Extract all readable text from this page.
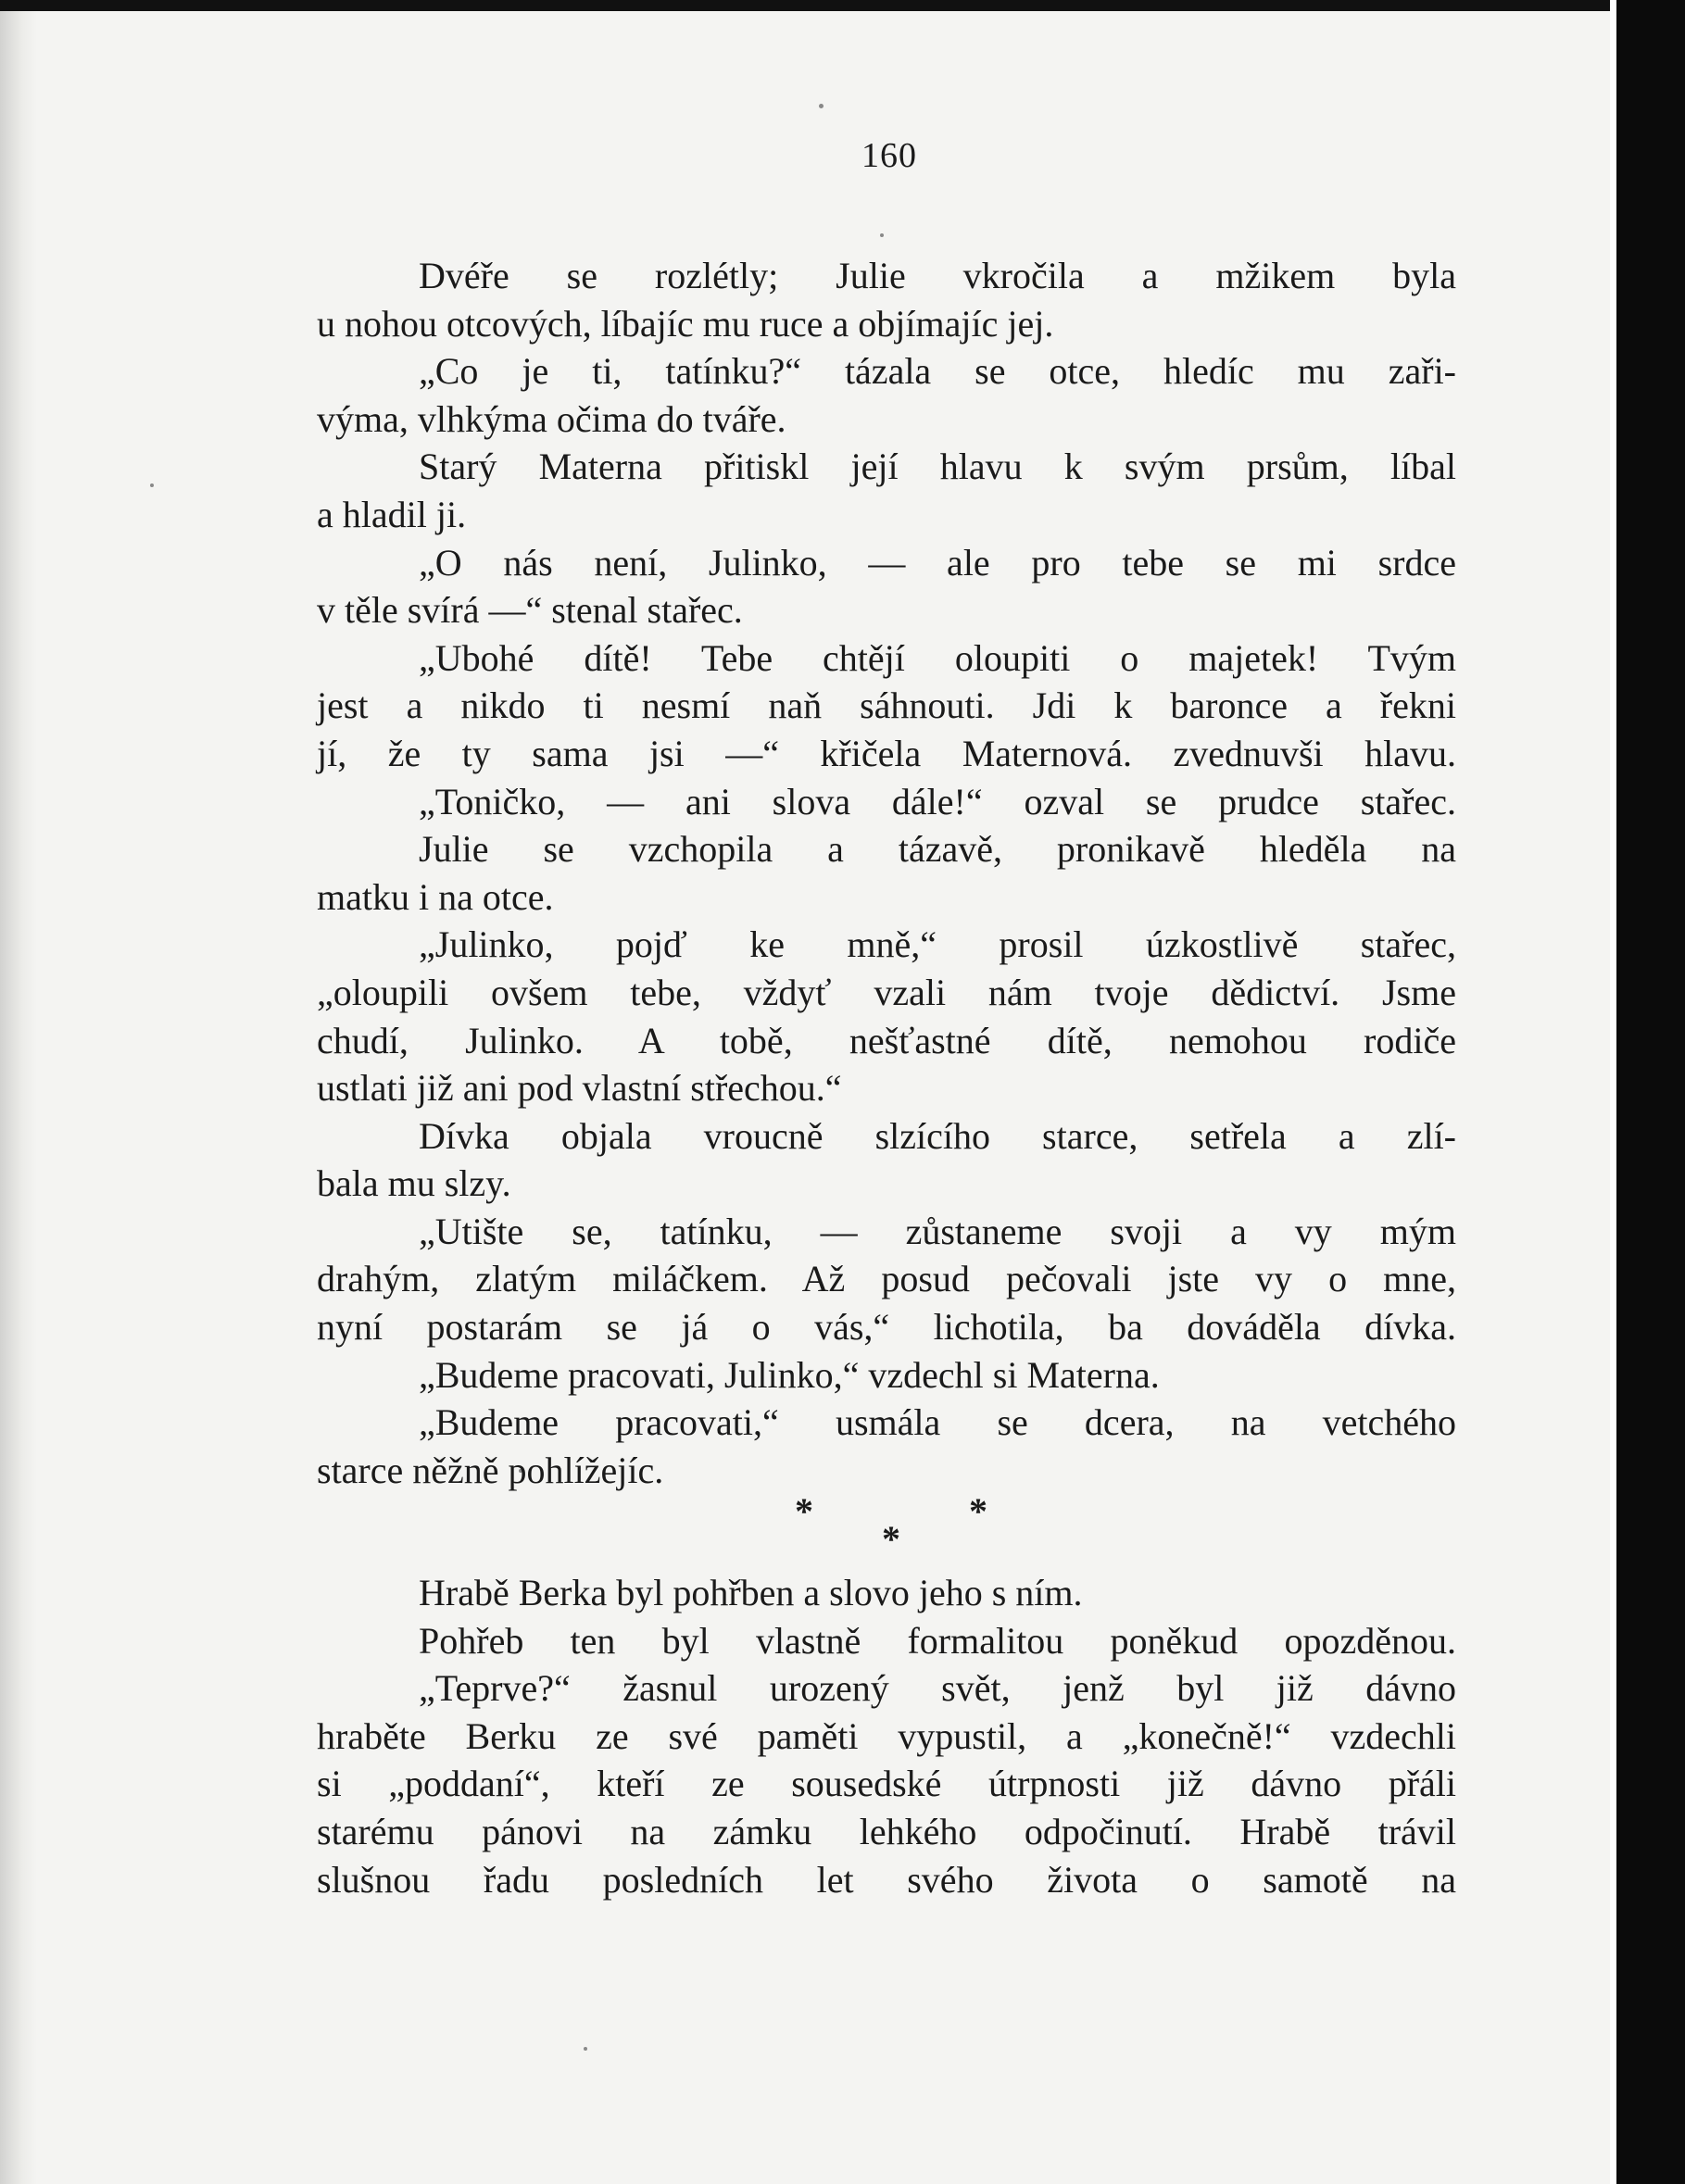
160
Dvéře se rozlétly; Julie vkročila a mžikem byla
u nohou otcových, líbajíc mu ruce a objímajíc jej.
„Co je ti, tatínku?“ tázala se otce, hledíc mu zaři-
výma, vlhkýma očima do tváře.
Starý Materna přitiskl její hlavu k svým prsům, líbal
a hladil ji.
„O nás není, Julinko, — ale pro tebe se mi srdce
v těle svírá —“ stenal stařec.
„Ubohé dítě! Tebe chtějí oloupiti o majetek! Tvým
jest a nikdo ti nesmí naň sáhnouti. Jdi k baronce a řekni
jí, že ty sama jsi —“ křičela Maternová. zvednuvši hlavu.
„Toničko, — ani slova dále!“ ozval se prudce stařec.
Julie se vzchopila a tázavě, pronikavě hleděla na
matku i na otce.
„Julinko, pojď ke mně,“ prosil úzkostlivě stařec,
„oloupili ovšem tebe, vždyť vzali nám tvoje dědictví. Jsme
chudí, Julinko. A tobě, nešťastné dítě, nemohou rodiče
ustlati již ani pod vlastní střechou.“
Dívka objala vroucně slzícího starce, setřela a zlí-
bala mu slzy.
„Utište se, tatínku, — zůstaneme svoji a vy mým
drahým, zlatým miláčkem. Až posud pečovali jste vy o mne,
nyní postarám se já o vás,“ lichotila, ba dováděla dívka.
„Budeme pracovati, Julinko,“ vzdechl si Materna.
„Budeme pracovati,“ usmála se dcera, na vetchého
starce něžně pohlížejíc.
*
*
*
Hrabě Berka byl pohřben a slovo jeho s ním.
Pohřeb ten byl vlastně formalitou poněkud opozděnou.
„Teprve?“ žasnul urozený svět, jenž byl již dávno
hraběte Berku ze své paměti vypustil, a „konečně!“ vzdechli
si „poddaní“, kteří ze sousedské útrpnosti již dávno přáli
starému pánovi na zámku lehkého odpočinutí. Hrabě trávil
slušnou řadu posledních let svého života o samotě na
